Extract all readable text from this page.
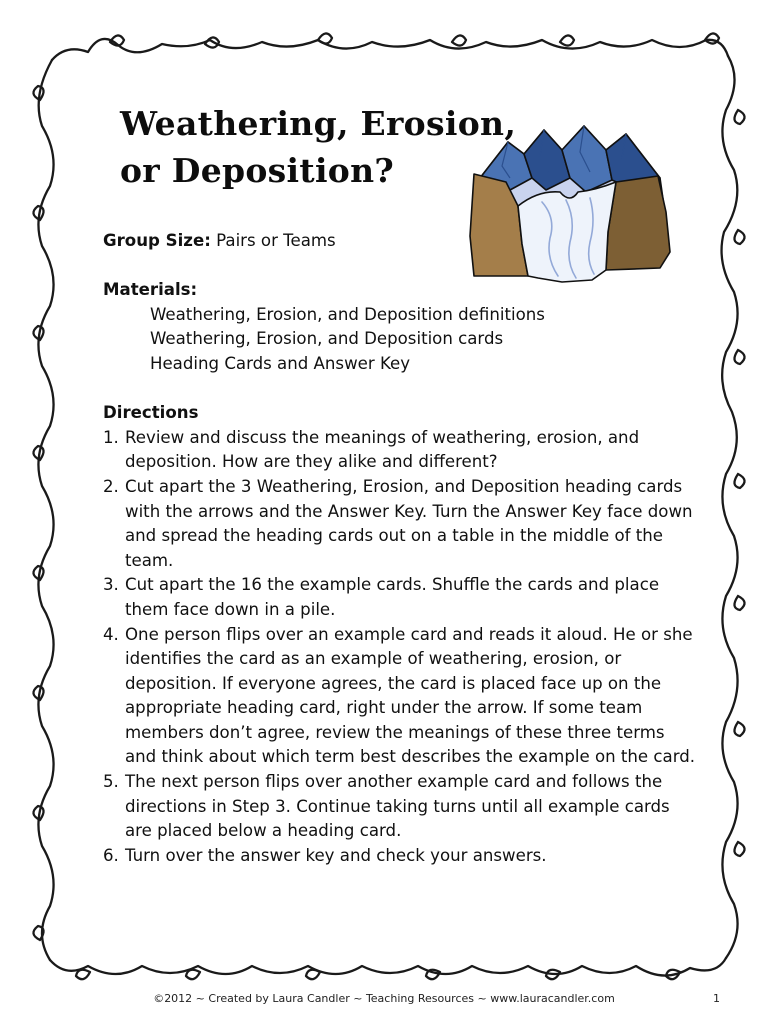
Weathering, Erosion,
or Deposition?

Group Size: Pairs or Teams

Materials:

Weathering, Erosion, and Deposition definitions
Weathering, Erosion, and Deposition cards
Heading Cards and Answer Key

Directions

1. Review and discuss the meanings of weathering, erosion, and deposition. How are they alike and different?
2. Cut apart the 3 Weathering, Erosion, and Deposition heading cards with the arrows and the Answer Key. Turn the Answer Key face down and spread the heading cards out on a table in the middle of the team.
3. Cut apart the 16 the example cards. Shuffle the cards and place them face down in a pile.
4. One person flips over an example card and reads it aloud. He or she identifies the card as an example of weathering, erosion, or deposition. If everyone agrees, the card is placed face up on the appropriate heading card, right under the arrow. If some team members don’t agree, review the meanings of these three terms and think about which term best describes the example on the card.
5. The next person flips over another example card and follows the directions in Step 3. Continue taking turns until all example cards are placed below a heading card.
6. Turn over the answer key and check your answers.
©2012 ~ Created by Laura Candler ~ Teaching Resources ~ www.lauracandler.com	1
